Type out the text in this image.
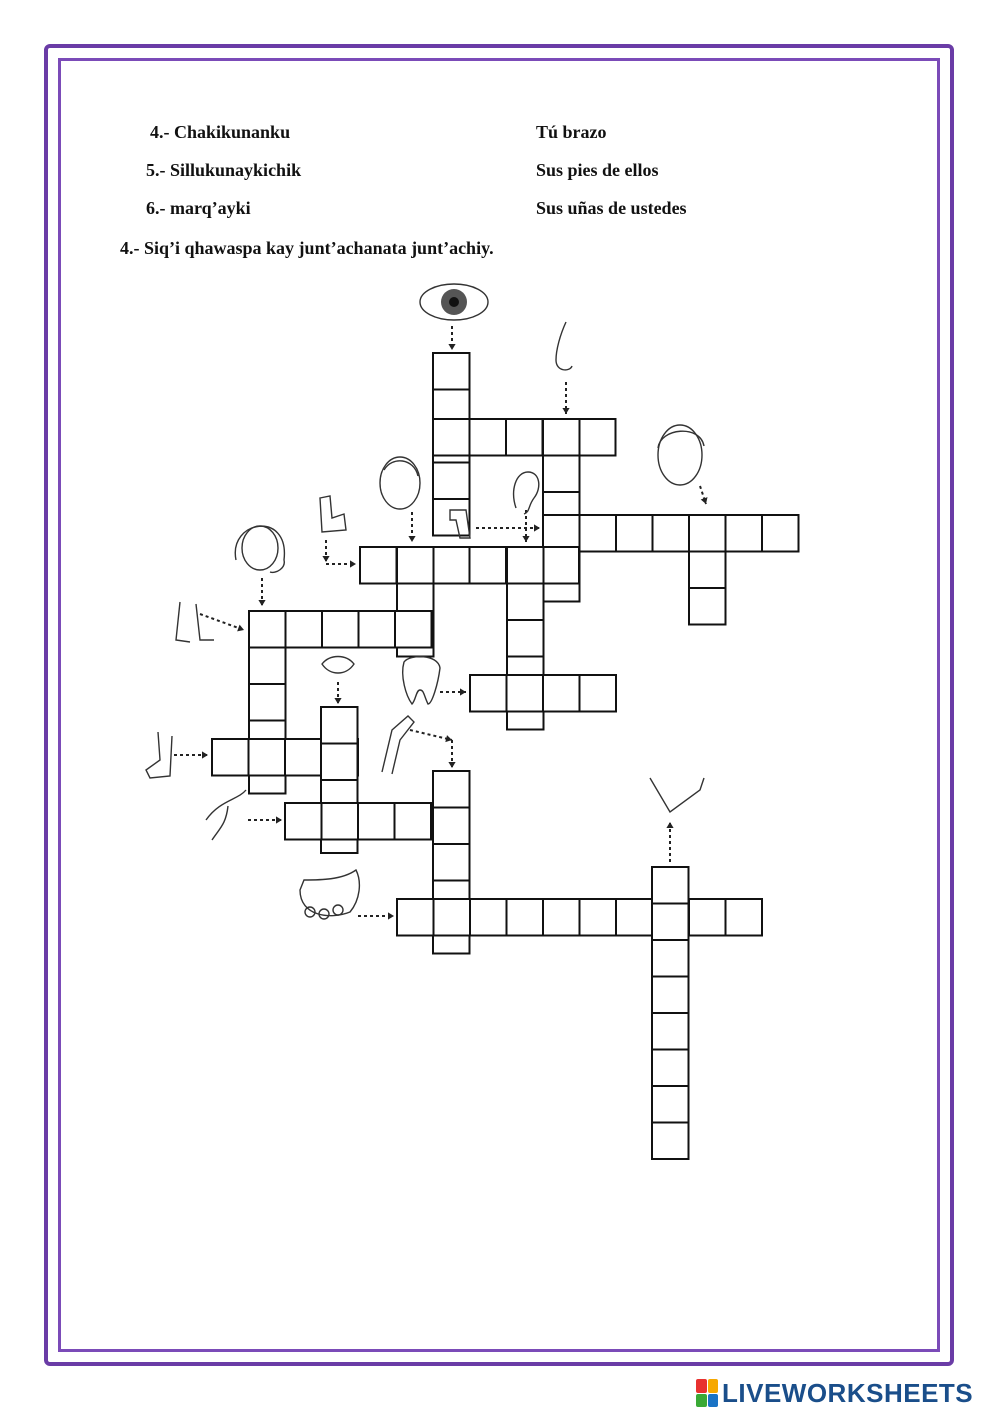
4.- Chakikunanku	Tú brazo
5.- Sillukunaykichik	Sus pies de ellos
6.- marq’ayki	Sus uñas de ustedes
4.- Siq’i qhawaspa kay junt’achanata junt’achiy.
LIVEWORKSHEETS
